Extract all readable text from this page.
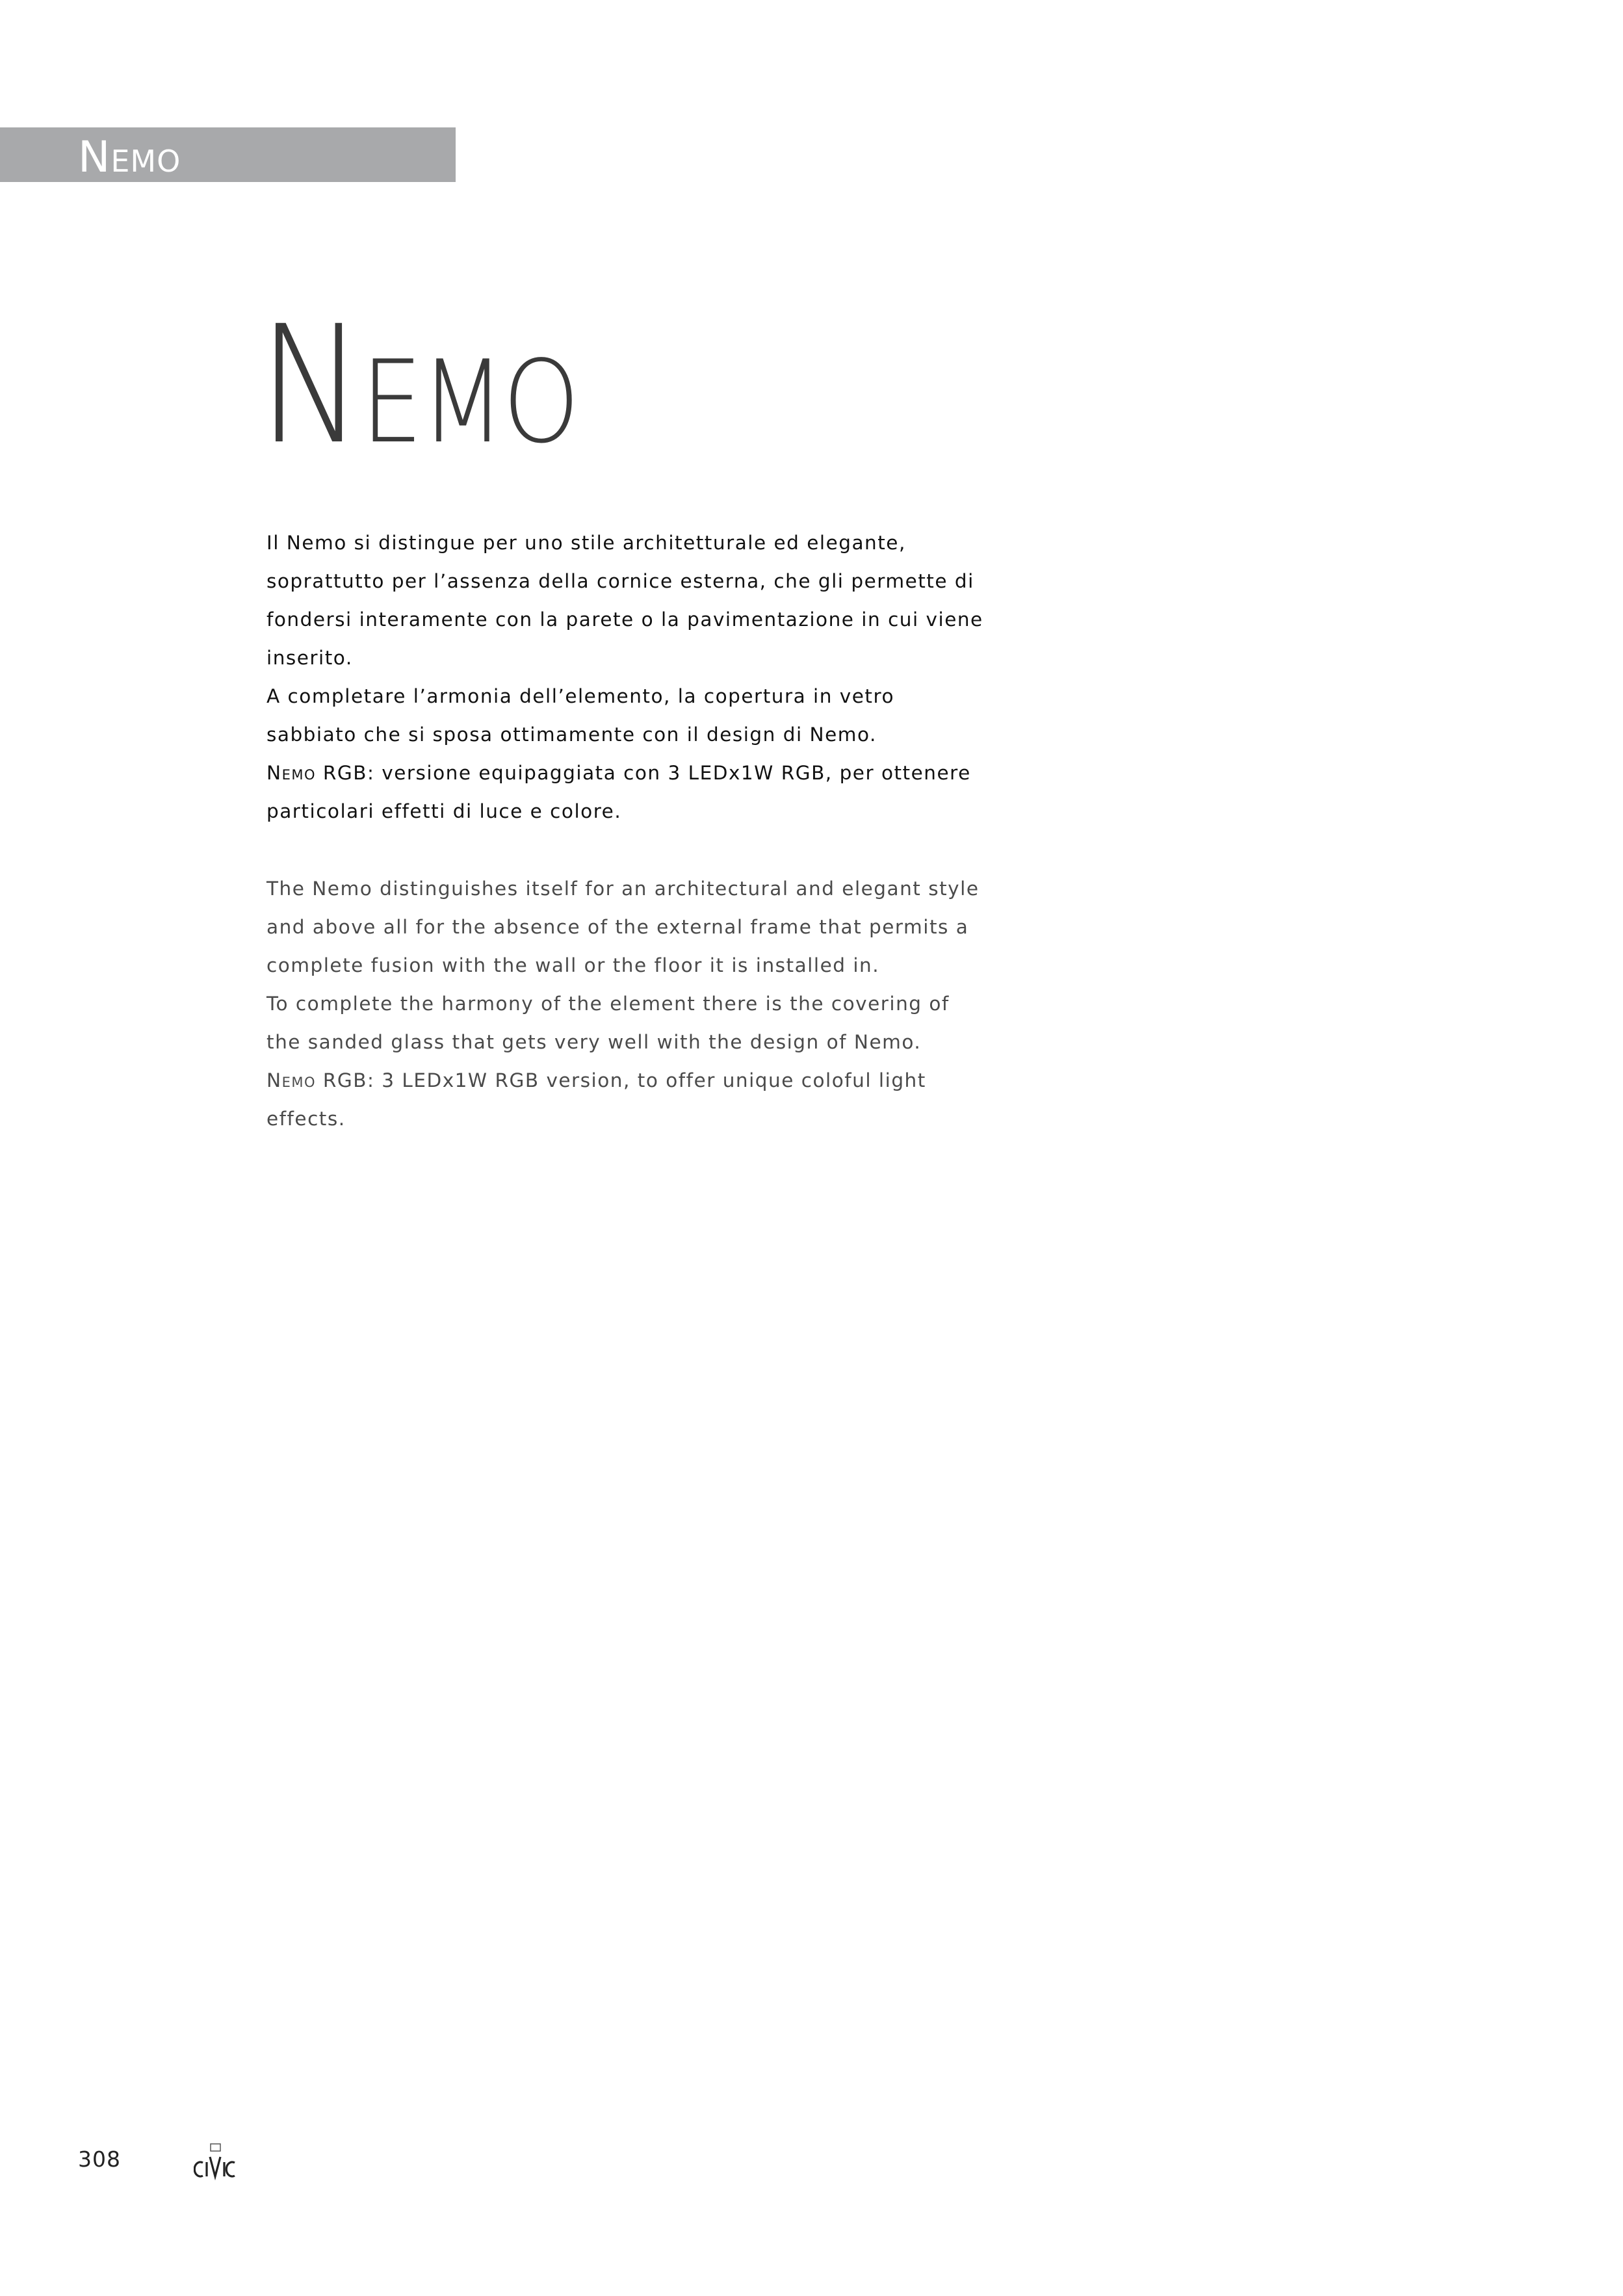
Nemo
Nemo

Il Nemo si distingue per uno stile architetturale ed elegante,

soprattutto per l’assenza della cornice esterna, che gli permette di

fondersi interamente con la parete o la pavimentazione in cui viene

inserito.

A completare l’armonia dell’elemento, la copertura in vetro

sabbiato che si sposa ottimamente con il design di Nemo.

Nemo RGB: versione equipaggiata con 3 LEDx1W RGB, per ottenere

particolari effetti di luce e colore.

The Nemo distinguishes itself for an architectural and elegant style

and above all for the absence of the external frame that permits a

complete fusion with the wall or the floor it is installed in.

To complete the harmony of the element there is the covering of

the sanded glass that gets very well with the design of Nemo.

Nemo RGB: 3 LEDx1W RGB version, to offer unique coloful light

effects.

308
